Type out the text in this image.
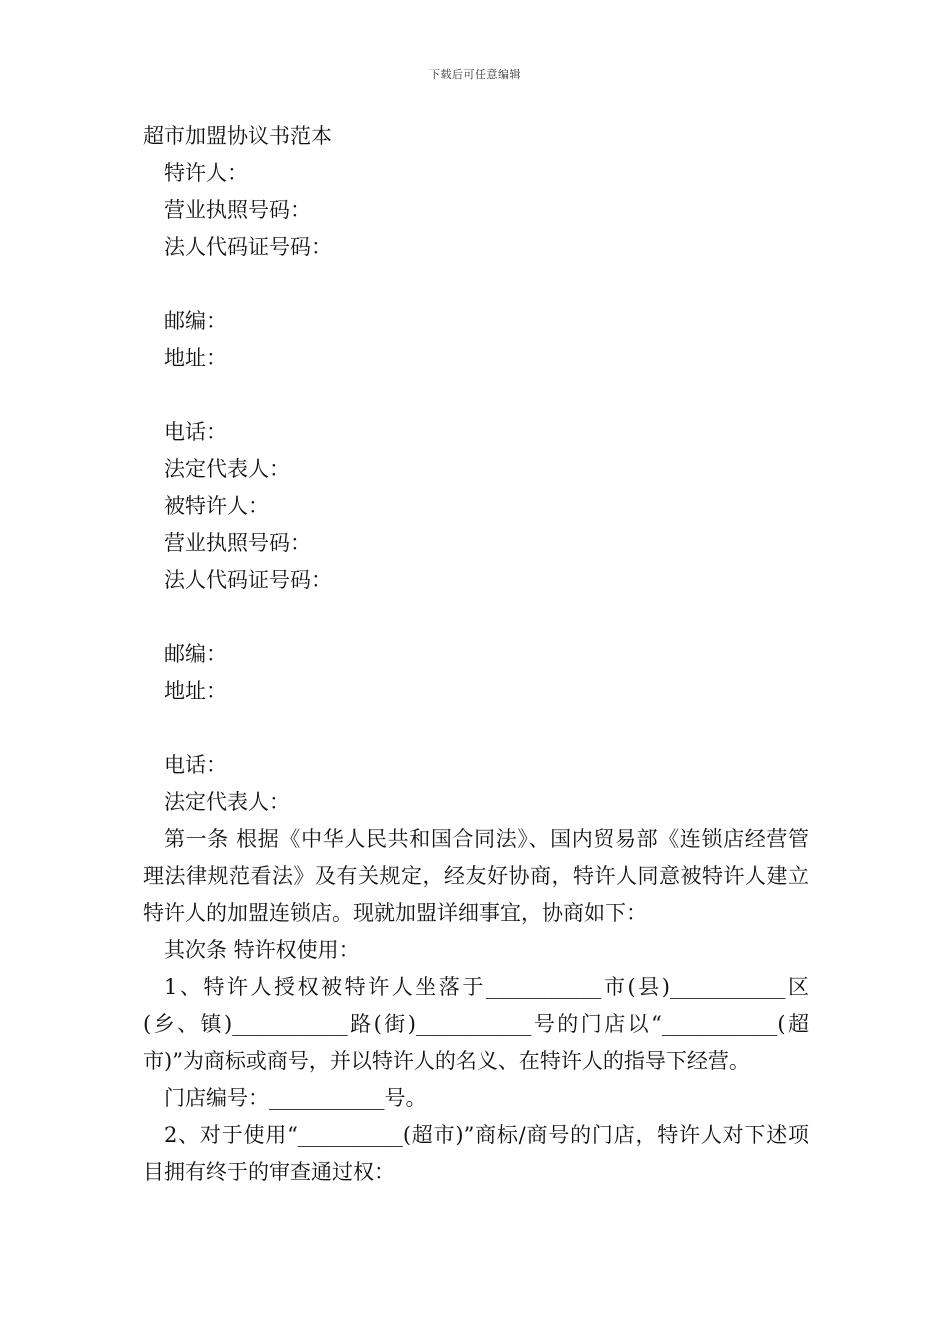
下载后可任意编辑
超市加盟协议书范本
特许人：
营业执照号码：
法人代码证号码：
邮编：
地址：
电话：
法定代表人：
被特许人：
营业执照号码：
法人代码证号码：
邮编：
地址：
电话：
法定代表人：

第一条 根据《中华人民共和国合同法》、国内贸易部《连锁店经营管理法律规范看法》及有关规定，经友好协商，特许人同意被特许人建立特许人的加盟连锁店。现就加盟详细事宜，协商如下：

其次条 特许权使用：

1、特许人授权被特许人坐落于___________市(县)___________区(乡、镇)___________路(街)___________号的门店以“___________(超市)”为商标或商号，并以特许人的名义、在特许人的指导下经营。

门店编号：___________号。

2、对于使用“__________(超市)”商标/商号的门店，特许人对下述项目拥有终于的审查通过权：
